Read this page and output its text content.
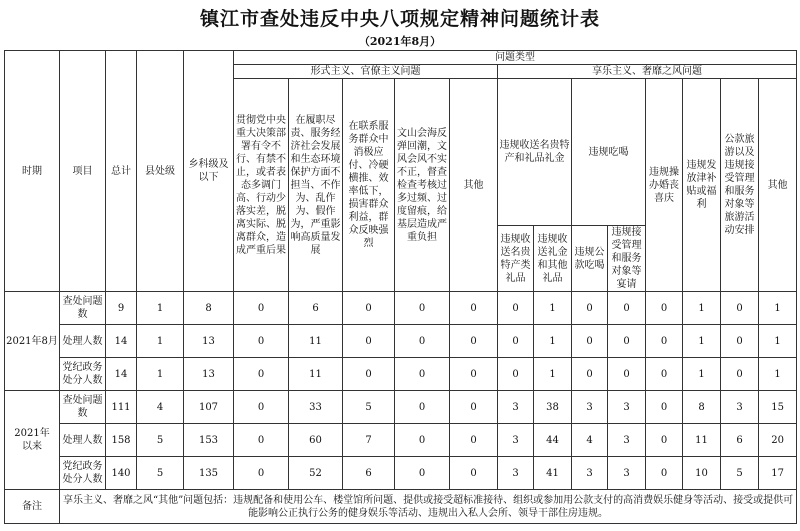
镇江市查处违反中央八项规定精神问题统计表
（2021年8月）
时期	项目	总计	县处级	乡科级及以下	问题类型												
					形式主义、官僚主义问题					享乐主义、奢靡之风问题							
					贯彻党中央重大决策部署有令不行、有禁不止，或者表态多调门高、行动少落实差，脱离实际、脱离群众，造成严重后果	在履职尽责、服务经济社会发展和生态环境保护方面不担当、不作为、乱作为、假作为，严重影响高质量发展	在联系服务群众中消极应付、冷硬横推、效率低下，损害群众利益，群众反映强烈	文山会海反弹回潮，文风会风不实不正，督查检查考核过多过频、过度留痕，给基层造成严重负担	其他	违规收送名贵特产和礼品礼金		违规吃喝		违规操办婚丧喜庆	违规发放津补贴或福利	公款旅游以及违规接受管理和服务对象等旅游活动安排	其他
										违规收送名贵特产类礼品	违规收送礼金和其他礼品	违规公款吃喝	违规接受管理和服务对象等宴请				
2021年8月	查处问题数	9	1	8	0	6	0	0	0	0	1	0	0	0	1	0	1
	处理人数	14	1	13	0	11	0	0	0	0	1	0	0	0	1	0	1
	党纪政务处分人数	14	1	13	0	11	0	0	0	0	1	0	0	0	1	0	1
2021年以来	查处问题数	111	4	107	0	33	5	0	0	3	38	3	3	0	8	3	15
	处理人数	158	5	153	0	60	7	0	0	3	44	4	3	0	11	6	20
	党纪政务处分人数	140	5	135	0	52	6	0	0	3	41	3	3	0	10	5	17
备注	享乐主义、奢靡之风“其他”问题包括：违规配备和使用公车、楼堂馆所问题、提供或接受超标准接待、组织或参加用公款支付的高消费娱乐健身等活动、接受或提供可能影响公正执行公务的健身娱乐等活动、违规出入私人会所、领导干部住房违规。																
